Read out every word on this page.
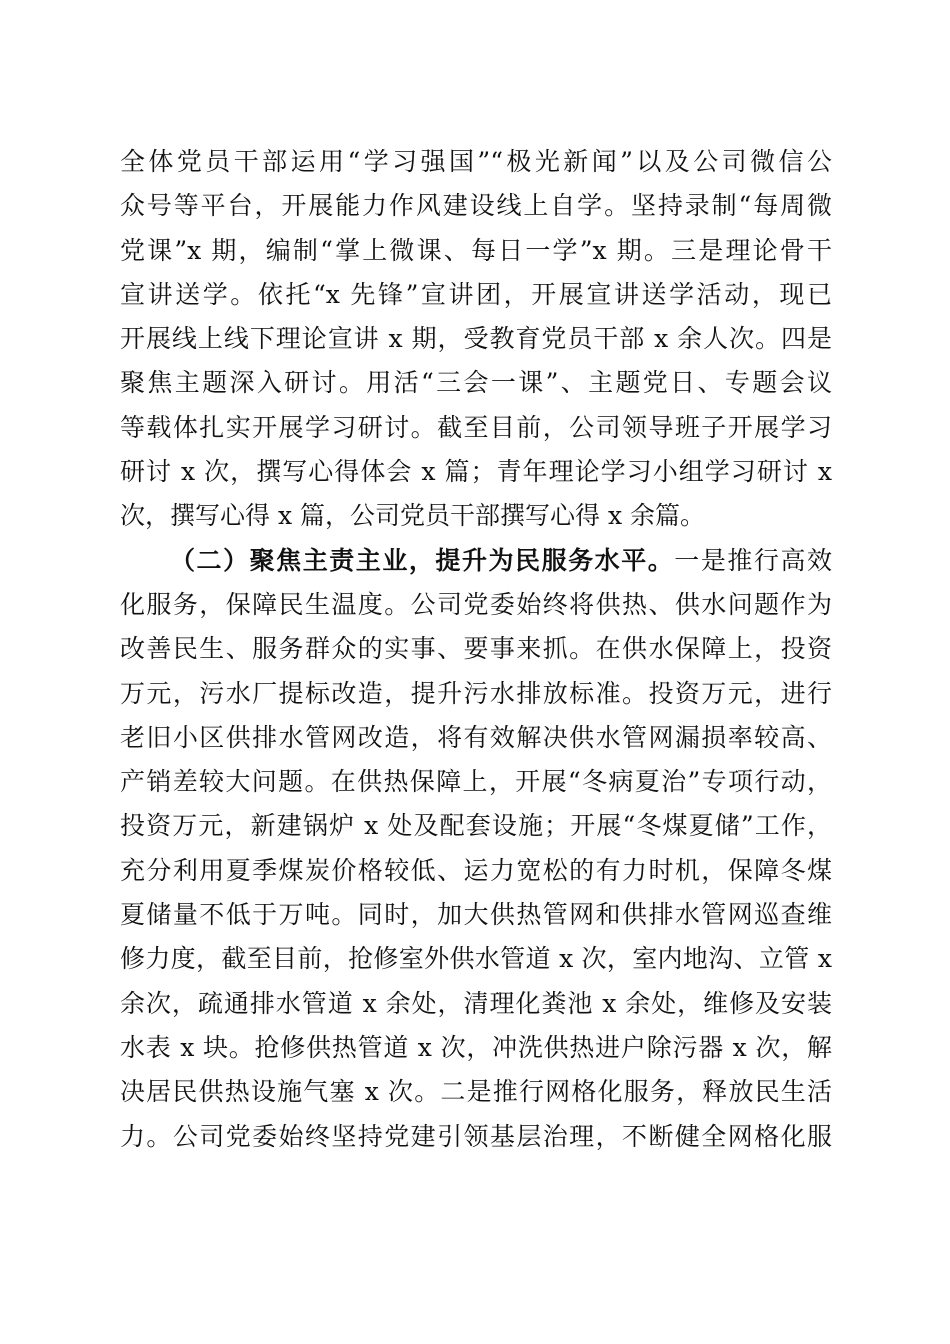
全体党员干部运用“学习强国”“极光新闻”以及公司微信公
众号等平台，开展能力作风建设线上自学。坚持录制“每周微
党课”x 期，编制“掌上微课、每日一学”x 期。三是理论骨干
宣讲送学。依托“x 先锋”宣讲团，开展宣讲送学活动，现已
开展线上线下理论宣讲 x 期，受教育党员干部 x 余人次。四是
聚焦主题深入研讨。用活“三会一课”、主题党日、专题会议
等载体扎实开展学习研讨。截至目前，公司领导班子开展学习
研讨 x 次，撰写心得体会 x 篇；青年理论学习小组学习研讨 x
次，撰写心得 x 篇，公司党员干部撰写心得 x 余篇。
（二）聚焦主责主业，提升为民服务水平。一是推行高效
化服务，保障民生温度。公司党委始终将供热、供水问题作为
改善民生、服务群众的实事、要事来抓。在供水保障上，投资
万元，污水厂提标改造，提升污水排放标准。投资万元，进行
老旧小区供排水管网改造，将有效解决供水管网漏损率较高、
产销差较大问题。在供热保障上，开展“冬病夏治”专项行动，
投资万元，新建锅炉 x 处及配套设施；开展“冬煤夏储”工作，
充分利用夏季煤炭价格较低、运力宽松的有力时机，保障冬煤
夏储量不低于万吨。同时，加大供热管网和供排水管网巡查维
修力度，截至目前，抢修室外供水管道 x 次，室内地沟、立管 x
余次，疏通排水管道 x 余处，清理化粪池 x 余处，维修及安装
水表 x 块。抢修供热管道 x 次，冲洗供热进户除污器 x 次，解
决居民供热设施气塞 x 次。二是推行网格化服务，释放民生活
力。公司党委始终坚持党建引领基层治理，不断健全网格化服
